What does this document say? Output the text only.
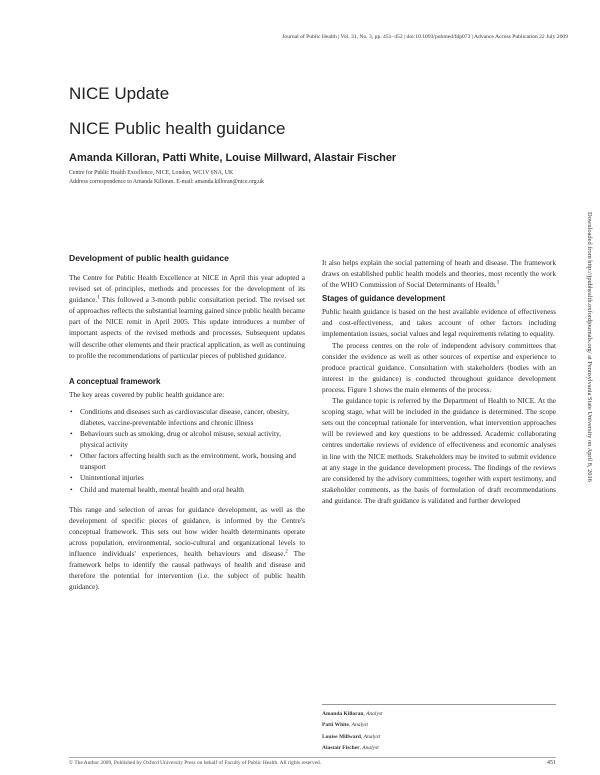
Journal of Public Health | Vol. 31, No. 3, pp. 451–452 | doi:10.1093/pubmed/fdp073 | Advance Access Publication 22 July 2009
NICE Update
NICE Public health guidance
Amanda Killoran, Patti White, Louise Millward, Alastair Fischer
Centre for Public Health Excellence, NICE, London, WC1V 6NA, UK
Address correspondence to Amanda Killoran. E-mail: amanda.killoran@nice.org.uk
Development of public health guidance

The Centre for Public Health Excellence at NICE in April this year adopted a revised set of principles, methods and processes for the development of its guidance.$^1$ This followed a 3-month public consultation period. The revised set of approaches reflects the substantial learning gained since public health became part of the NICE remit in April 2005. This update introduces a number of important aspects of the revised methods and processes. Subsequent updates will describe other elements and their practical application, as well as continuing to profile the recommendations of particular pieces of published guidance.

A conceptual framework

The key areas covered by public health guidance are:

• Conditions and diseases such as cardiovascular disease, cancer, obesity, diabetes, vaccine-preventable infections and chronic illness
• Behaviours such as smoking, drug or alcohol misuse, sexual activity, physical activity
• Other factors affecting health such as the environment, work, housing and transport
• Unintentional injuries
• Child and maternal health, mental health and oral health

This range and selection of areas for guidance development, as well as the development of specific pieces of guidance, is informed by the Centre's conceptual framework. This sets out how wider health determinants operate across population, environmental, socio-cultural and organizational levels to influence individuals' experiences, health behaviours and disease.$^2$ The framework helps to identify the causal pathways of health and disease and therefore the potential for intervention (i.e. the subject of public health guidance).

It also helps explain the social patterning of heath and disease. The framework draws on established public health models and theories, most recently the work of the WHO Commission of Social Determinants of Health.$^3$

Stages of guidance development

Public health guidance is based on the best available evidence of effectiveness and cost-effectiveness, and takes account of other factors including implementation issues, social values and legal requirements relating to equality.

The process centres on the role of independent advisory committees that consider the evidence as well as other sources of expertise and experience to produce practical guidance. Consultation with stakeholders (bodies with an interest in the guidance) is conducted throughout guidance development process. Figure 1 shows the main elements of the process.

The guidance topic is referred by the Department of Health to NICE. At the scoping stage, what will be included in the guidance is determined. The scope sets out the conceptual rationale for intervention, what intervention approaches will be reviewed and key questions to be addressed. Academic collaborating centres undertake reviews of evidence of effectiveness and economic analyses in line with the NICE methods. Stakeholders may be invited to submit evidence at any stage in the guidance development process. The findings of the reviews are considered by the advisory committees, together with expert testimony, and stakeholder comments, as the basis of formulation of draft recommendations and guidance. The draft guidance is validated and further developed

Amanda Killoran, Analyst
Patti White, Analyst
Louise Millward, Analyst
Alastair Fischer, Analyst
Downloaded from http://jpubhealth.oxfordjournals.org/ at Pennsylvania State University on April 8, 2016
© The Author 2009, Published by Oxford University Press on behalf of Faculty of Public Health. All rights reserved.	451
